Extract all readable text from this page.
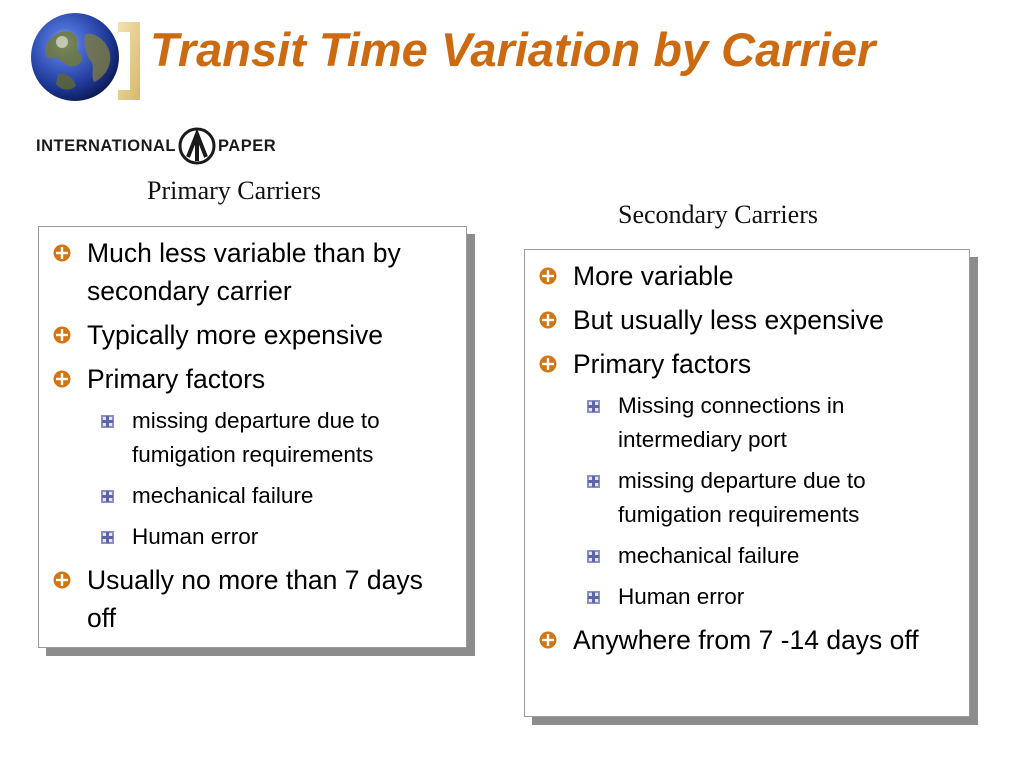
Transit Time Variation by Carrier
INTERNATIONAL	PAPER
Primary Carriers
Secondary Carriers
Much less variable than by secondary carrier
Typically more expensive
Primary factors
missing departure due to fumigation requirements
mechanical failure
Human error
Usually no more than 7 days off
More variable
But usually less expensive
Primary factors
Missing connections in intermediary port
missing departure due to fumigation requirements
mechanical failure
Human error
Anywhere from 7 -14 days off
